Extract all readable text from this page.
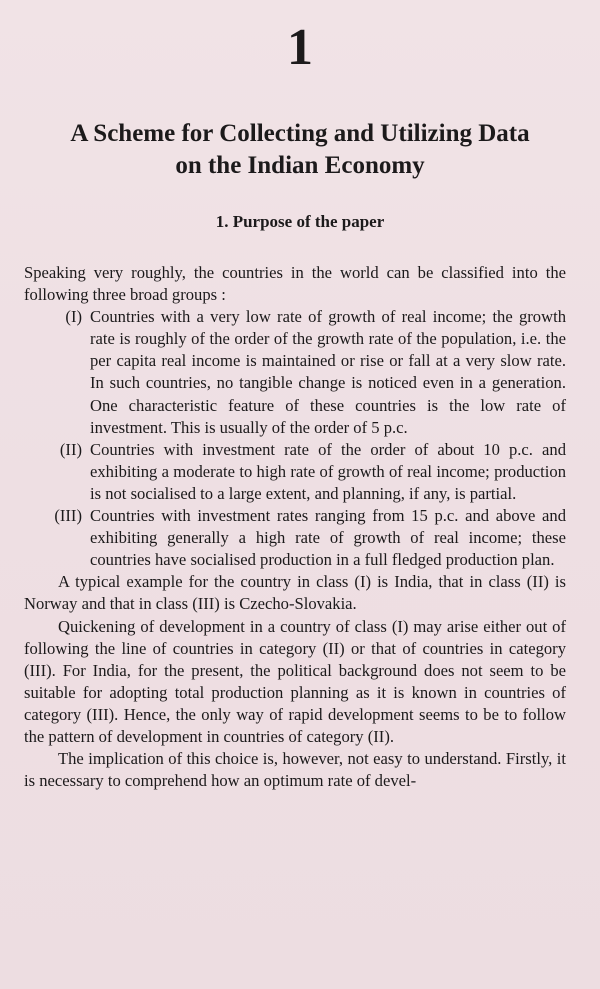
1
A Scheme for Collecting and Utilizing Data
on the Indian Economy
1. Purpose of the paper

Speaking very roughly, the countries in the world can be classified into the following three broad groups :

(I) Countries with a very low rate of growth of real income; the growth rate is roughly of the order of the growth rate of the population, i.e. the per capita real income is maintained or rise or fall at a very slow rate. In such countries, no tangible change is noticed even in a generation. One characteristic feature of these countries is the low rate of investment. This is usually of the order of 5 p.c.
(II) Countries with investment rate of the order of about 10 p.c. and exhibiting a moderate to high rate of growth of real income; production is not socialised to a large extent, and planning, if any, is partial.
(III) Countries with investment rates ranging from 15 p.c. and above and exhibiting generally a high rate of growth of real income; these countries have socialised production in a full fledged production plan.

A typical example for the country in class (I) is India, that in class (II) is Norway and that in class (III) is Czecho-Slovakia.

Quickening of development in a country of class (I) may arise either out of following the line of countries in category (II) or that of countries in category (III). For India, for the present, the political background does not seem to be suitable for adopting total production planning as it is known in countries of category (III). Hence, the only way of rapid development seems to be to follow the pattern of development in countries of category (II).

The implication of this choice is, however, not easy to understand. Firstly, it is necessary to comprehend how an optimum rate of devel-
